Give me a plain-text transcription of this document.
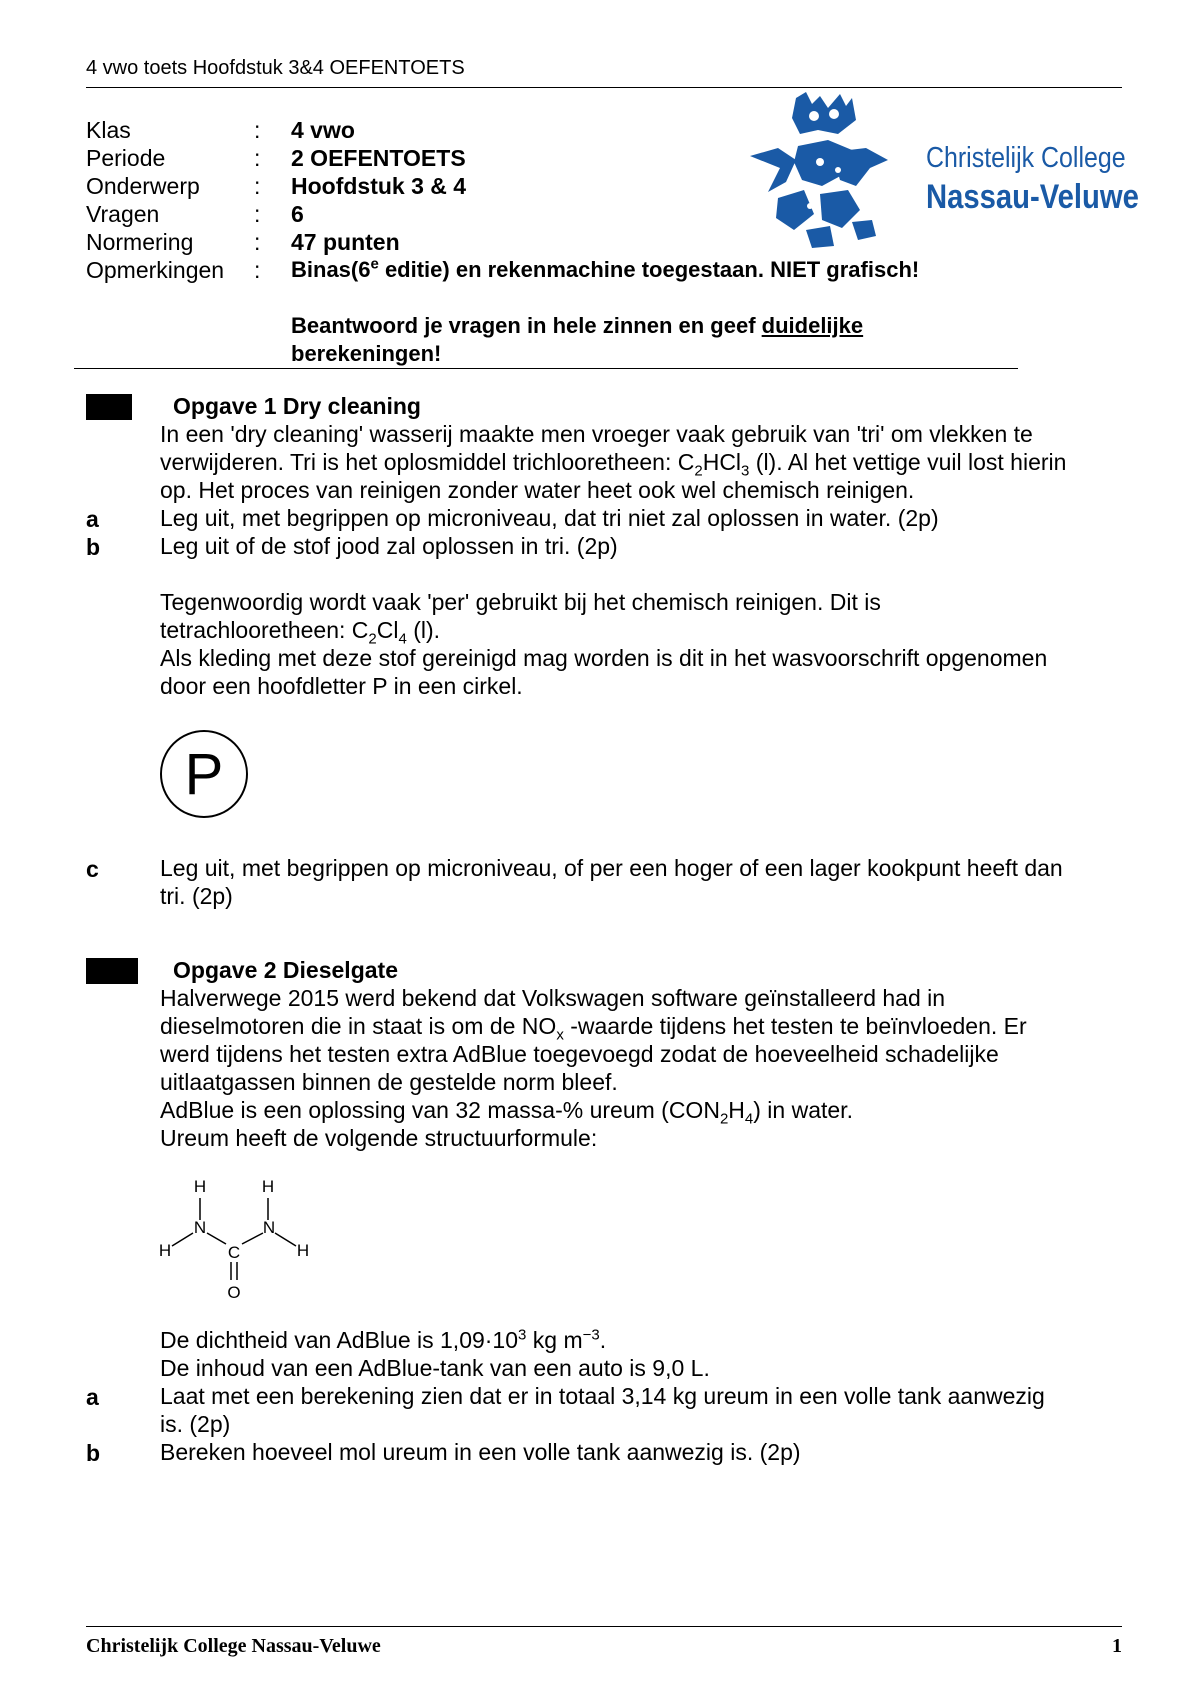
4 vwo toets Hoofdstuk 3&4 OEFENTOETS
Klas	: 4 vwo
Periode	: 2 OEFENTOETS
Onderwerp : Hoofdstuk 3 & 4
Vragen	: 6
Normering	: 47 punten
Opmerkingen : Binas(6e editie) en rekenmachine toegestaan. NIET grafisch!
Beantwoord je vragen in hele zinnen en geef duidelijke
berekeningen!
Christelijk College
Nassau-Veluwe
Opgave 1 Dry cleaning
In een 'dry cleaning' wasserij maakte men vroeger vaak gebruik van 'tri' om vlekken te
verwijderen. Tri is het oplosmiddel trichlooretheen: $C_2HCl_3$ (l). Al het vettige vuil lost hierin
op. Het proces van reinigen zonder water heet ook wel chemisch reinigen.
a	Leg uit, met begrippen op microniveau, dat tri niet zal oplossen in water. (2p)
b	Leg uit of de stof jood zal oplossen in tri. (2p)
Tegenwoordig wordt vaak 'per' gebruikt bij het chemisch reinigen. Dit is
tetrachlooretheen: $C_2Cl_4$ (l).
Als kleding met deze stof gereinigd mag worden is dit in het wasvoorschrift opgenomen
door een hoofdletter P in een cirkel.
P
c	Leg uit, met begrippen op microniveau, of per een hoger of een lager kookpunt heeft dan
tri. (2p)
Opgave 2 Dieselgate
Halverwege 2015 werd bekend dat Volkswagen software geïnstalleerd had in
dieselmotoren die in staat is om de $NO_x$ -waarde tijdens het testen te beïnvloeden. Er
werd tijdens het testen extra AdBlue toegevoegd zodat de hoeveelheid schadelijke
uitlaatgassen binnen de gestelde norm bleef.
AdBlue is een oplossing van 32 massa-% ureum $(CON_2H_4)$ in water.
Ureum heeft de volgende structuurformule:
H	H
N	N
H	H
C
O
De dichtheid van AdBlue is $1,09\cdot 10^3$ kg $m^{-3}$.
De inhoud van een AdBlue-tank van een auto is 9,0 L.
a	Laat met een berekening zien dat er in totaal 3,14 kg ureum in een volle tank aanwezig
is. (2p)
b	Bereken hoeveel mol ureum in een volle tank aanwezig is. (2p)
Christelijk College Nassau-Veluwe	1
